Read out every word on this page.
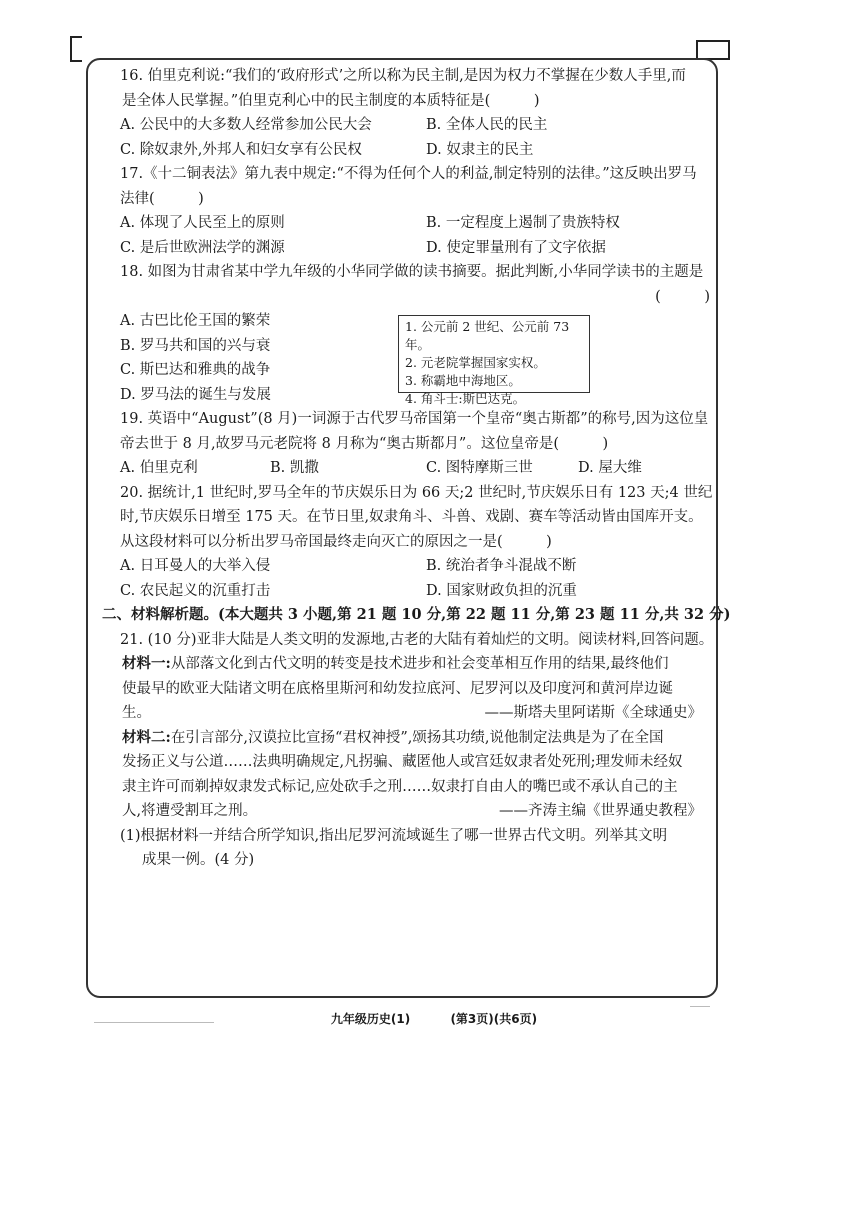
16. 伯里克利说:“我们的‘政府形式’之所以称为民主制,是因为权力不掌握在少数人手里,而
是全体人民掌握。”伯里克利心中的民主制度的本质特征是(　　　)
A. 公民中的大多数人经常参加公民大会	B. 全体人民的民主
C. 除奴隶外,外邦人和妇女享有公民权	D. 奴隶主的民主
17.《十二铜表法》第九表中规定:“不得为任何个人的利益,制定特别的法律。”这反映出罗马
法律(　　　)
A. 体现了人民至上的原则	B. 一定程度上遏制了贵族特权
C. 是后世欧洲法学的渊源	D. 使定罪量刑有了文字依据
18. 如图为甘肃省某中学九年级的小华同学做的读书摘要。据此判断,小华同学读书的主题是
(　　　)
A. 古巴比伦王国的繁荣
B. 罗马共和国的兴与衰
C. 斯巴达和雅典的战争
D. 罗马法的诞生与发展
1. 公元前 2 世纪、公元前 73 年。
2. 元老院掌握国家实权。
3. 称霸地中海地区。
4. 角斗士:斯巴达克。
19. 英语中“August”(8 月)一词源于古代罗马帝国第一个皇帝“奥古斯都”的称号,因为这位皇
帝去世于 8 月,故罗马元老院将 8 月称为“奥古斯都月”。这位皇帝是(　　　)
A. 伯里克利	B. 凯撒	C. 图特摩斯三世	D. 屋大维
20. 据统计,1 世纪时,罗马全年的节庆娱乐日为 66 天;2 世纪时,节庆娱乐日有 123 天;4 世纪
时,节庆娱乐日增至 175 天。在节日里,奴隶角斗、斗兽、戏剧、赛车等活动皆由国库开支。
从这段材料可以分析出罗马帝国最终走向灭亡的原因之一是(　　　)
A. 日耳曼人的大举入侵	B. 统治者争斗混战不断
C. 农民起义的沉重打击	D. 国家财政负担的沉重
二、材料解析题。(本大题共 3 小题,第 21 题 10 分,第 22 题 11 分,第 23 题 11 分,共 32 分)
21. (10 分)亚非大陆是人类文明的发源地,古老的大陆有着灿烂的文明。阅读材料,回答问题。
材料一:从部落文化到古代文明的转变是技术进步和社会变革相互作用的结果,最终他们
使最早的欧亚大陆诸文明在底格里斯河和幼发拉底河、尼罗河以及印度河和黄河岸边诞
生。	——斯塔夫里阿诺斯《全球通史》
材料二:在引言部分,汉谟拉比宣扬“君权神授”,颂扬其功绩,说他制定法典是为了在全国
发扬正义与公道……法典明确规定,凡拐骗、藏匿他人或宫廷奴隶者处死刑;理发师未经奴
隶主许可而剃掉奴隶发式标记,应处砍手之刑……奴隶打自由人的嘴巴或不承认自己的主
人,将遭受割耳之刑。	——齐涛主编《世界通史教程》
(1)根据材料一并结合所学知识,指出尼罗河流域诞生了哪一世界古代文明。列举其文明
成果一例。(4 分)
九年级历史(1)	(第3页)(共6页)
